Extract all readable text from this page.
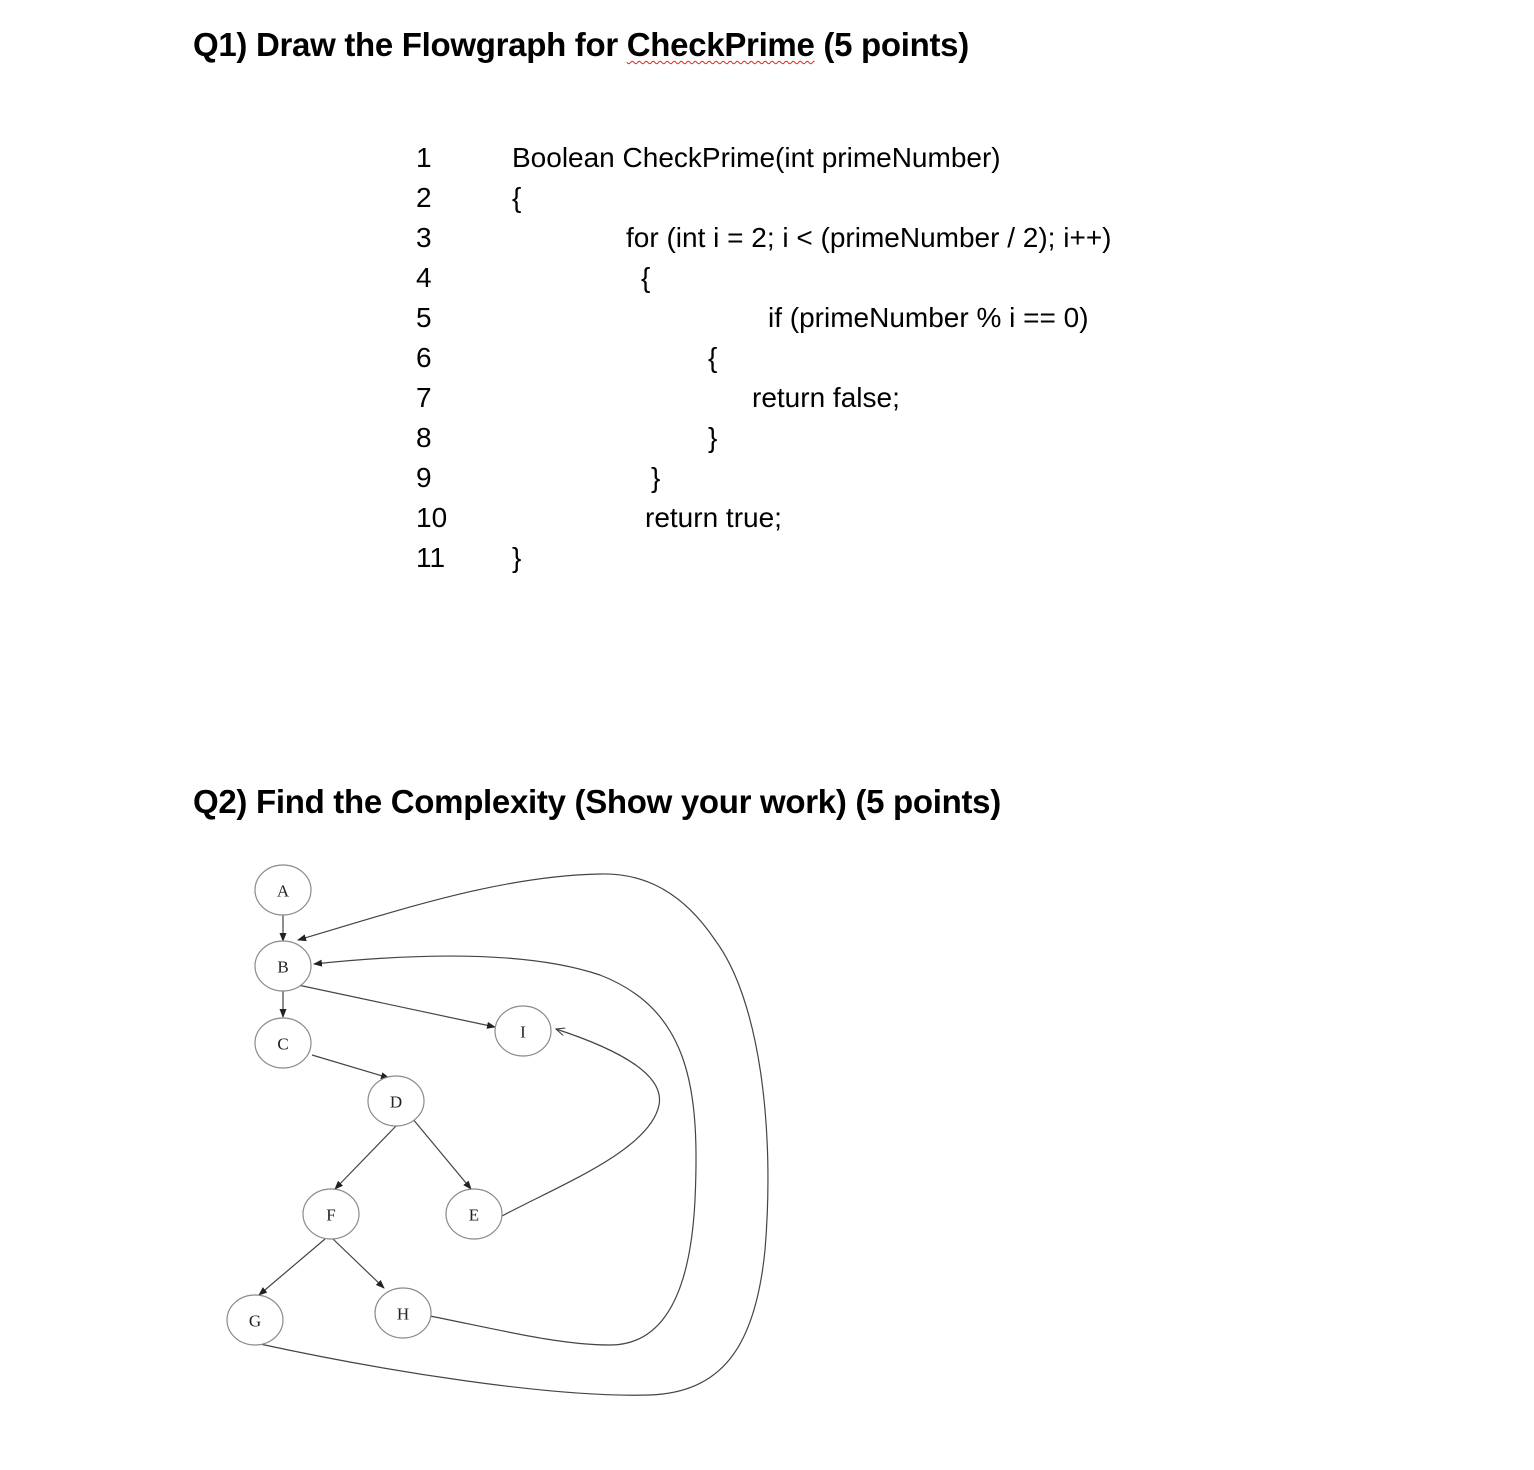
Q1) Draw the Flowgraph for CheckPrime (5 points)
1	Boolean CheckPrime(int primeNumber)
2	{
3	for (int i = 2; i < (primeNumber / 2); i++)
4	{
5	if (primeNumber % i == 0)
6	{
7	return false;
8	}
9	}
10	return true;
11 }
Q2) Find the Complexity (Show your work) (5 points)
A
B
C
D
E
F
G	H
I
